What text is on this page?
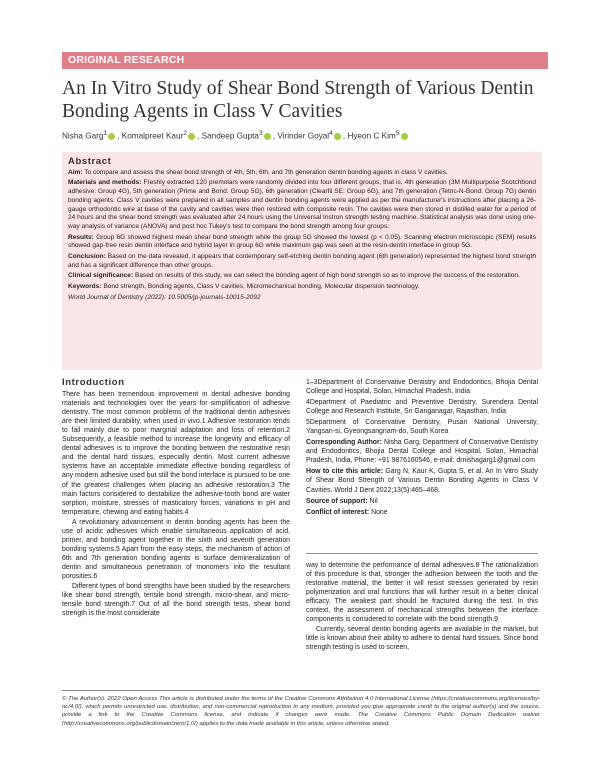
ORIGINAL RESEARCH
An In Vitro Study of Shear Bond Strength of Various Dentin Bonding Agents in Class V Cavities
Nisha Garg$^1$ , Komalpreet Kaur$^2$ , Sandeep Gupta$^3$ , Virinder Goyal$^4$ , Hyeon C Kim$^5$
Abstract

Aim: To compare and assess the shear bond strength of 4th, 5th, 6th, and 7th generation dentin bonding agents in class V cavities.

Materials and methods: Freshly extracted 120 premolars were randomly divided into four different groups, that is, 4th generation (3M Multipurpose Scotchbond adhesive: Group 4G), 5th generation (Prime and Bond: Group 5G), 6th generation (Clearfil SE: Group 6G), and 7th generation (Tetric-N-Bond: Group 7G) dentin bonding agents. Class V cavities were prepared in all samples and dentin bonding agents were applied as per the manufacturer's instructions after placing a 26-gauge orthodontic wire at base of the cavity and cavities were then restored with composite resin. The cavities were then stored in distilled water for a period of 24 hours and the shear bond strength was evaluated after 24 hours using the Universal Instron strength testing machine. Statistical analysis was done using one-way analysis of variance (ANOVA) and post hoc Tukey's test to compare the bond strength among four groups.

Results: Group 6G showed highest mean shear bond strength while the group 5G showed the lowest (p < 0.05). Scanning electron microscopic (SEM) results showed gap-free resin dentin interface and hybrid layer in group 6G while maximum gap was seen at the resin-dentin interface in group 5G.

Conclusion: Based on the data revealed, it appears that contemporary self-etching dentin bonding agent (6th generation) represented the highest bond strength and has a significant difference than other groups.

Clinical significance: Based on results of this study, we can select the bonding agent of high bond strength so as to improve the success of the restoration.

Keywords: Bond strength, Bonding agents, Class V cavities, Micromechanical bonding, Molecular dispersion technology.

World Journal of Dentistry (2022): 10.5005/jp-journals-10015-2092

Introduction

There has been tremendous improvement in dental adhesive bonding materials and technologies over the years for simplification of adhesive dentistry. The most common problems of the traditional dentin adhesives are their limited durability, when used in vivo.1 Adhesive restoration tends to fail mainly due to poor marginal adaptation and loss of retention.2 Subsequently, a feasible method to increase the longevity and efficacy of dental adhesives is to improve the bonding between the restorative resin and the dental hard tissues, especially dentin. Most current adhesive systems have an acceptable immediate effective bonding regardless of any modern adhesive used but still the bond interface is pursued to be one of the greatest challenges when placing an adhesive restoration.3 The main factors considered to destabilize the adhesive-tooth bond are water sorption, moisture, stresses of masticatory forces, variations in pH and temperature, chewing and eating habits.4

A revolutionary advancement in dentin bonding agents has been the use of acidic adhesives which enable simultaneous application of acid, primer, and bonding agent together in the sixth and seventh generation bonding systems.5 Apart from the easy steps, the mechanism of action of 6th and 7th generation bonding agents is surface demineralization of dentin and simultaneous penetration of monomers into the resultant porosities.6

Different types of bond strengths have been studied by the researchers like shear bond strength, tensile bond strength, micro-shear, and micro-tensile bond strength.7 Out of all the bond strength tests, shear bond strength is the most considerate

1–3Department of Conservative Dentistry and Endodontics, Bhojia Dental College and Hospital, Solan, Himachal Pradesh, India

4Department of Paediatric and Preventive Dentistry, Surendera Dental College and Research Institute, Sri Ganganagar, Rajasthan, India

5Department of Conservative Dentistry, Pusan National University, Yangsan-si, Gyeongsangnam-do, South Korea

Corresponding Author: Nisha Garg, Department of Conservative Dentistry and Endodontics, Bhojia Dental College and Hospital, Solan, Himachal Pradesh, India, Phone: +91 9876160546, e-mail: drnishagarg1@gmail.com

How to cite this article: Garg N, Kaur K, Gupta S, et al. An In Vitro Study of Shear Bond Strength of Various Dentin Bonding Agents in Class V Cavities. World J Dent 2022;13(5):465–468.

Source of support: Nil

Conflict of interest: None

way to determine the performance of dental adhesives.8 The rationalization of this procedure is that, stronger the adhesion between the tooth and the restorative material, the better it will resist stresses generated by resin polymerization and oral functions that will further result in a better clinical efficacy. The weakest part should be fractured during the test. In this context, the assessment of mechanical strengths between the interface components is considered to correlate with the bond strength.9

Currently, several dentin bonding agents are available in the market, but little is known about their ability to adhere to dental hard tissues. Since bond strength testing is used to screen,

© The Author(s). 2022 Open Access This article is distributed under the terms of the Creative Commons Attribution 4.0 International License (https://creativecommons.org/licenses/by-nc/4.0/), which permits unrestricted use, distribution, and non-commercial reproduction in any medium, provided you give appropriate credit to the original author(s) and the source, provide a link to the Creative Commons license, and indicate if changes were made. The Creative Commons Public Domain Dedication waiver (http://creativecommons.org/publicdomain/zero/1.0/) applies to the data made available in this article, unless otherwise stated.
